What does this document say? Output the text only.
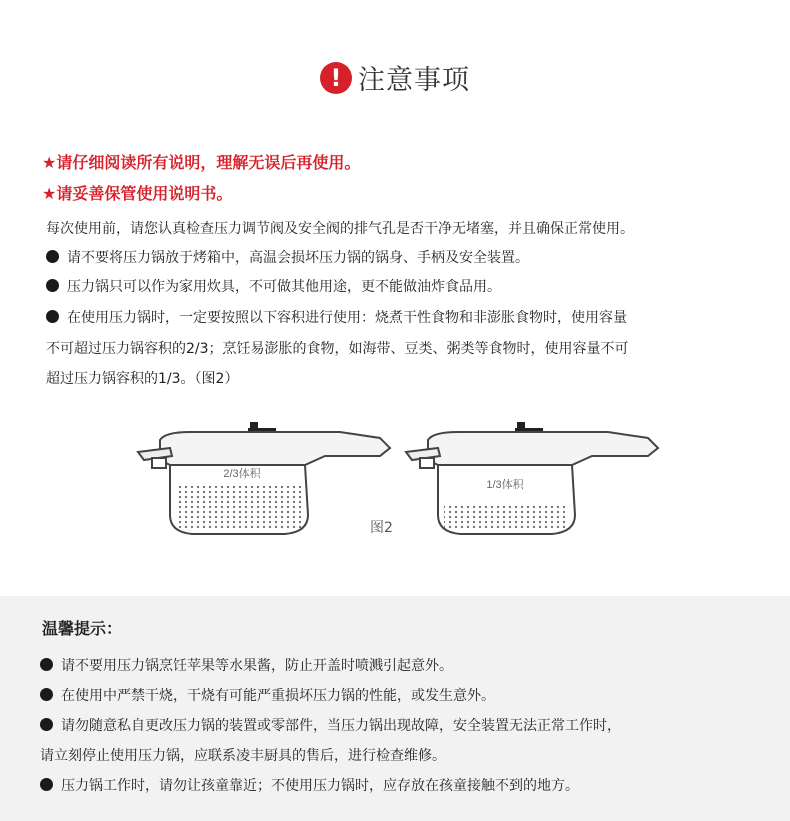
! 注意事项
★请仔细阅读所有说明，理解无误后再使用。
★请妥善保管使用说明书。
每次使用前，请您认真检查压力调节阀及安全阀的排气孔是否干净无堵塞，并且确保正常使用。
请不要将压力锅放于烤箱中，高温会损坏压力锅的锅身、手柄及安全装置。
压力锅只可以作为家用炊具，不可做其他用途，更不能做油炸食品用。
在使用压力锅时，一定要按照以下容积进行使用：烧煮干性食物和非澎胀食物时，使用容量
不可超过压力锅容积的2/3；烹饪易澎胀的食物，如海带、豆类、粥类等食物时，使用容量不可
超过压力锅容积的1/3。（图2）
2/3体积
1/3体积
图2
温馨提示：
请不要用压力锅烹饪苹果等水果酱，防止开盖时喷溅引起意外。
在使用中严禁干烧，干烧有可能严重损坏压力锅的性能，或发生意外。
请勿随意私自更改压力锅的装置或零部件，当压力锅出现故障，安全装置无法正常工作时，
请立刻停止使用压力锅，应联系凌丰厨具的售后，进行检查维修。
压力锅工作时，请勿让孩童靠近；不使用压力锅时，应存放在孩童接触不到的地方。
